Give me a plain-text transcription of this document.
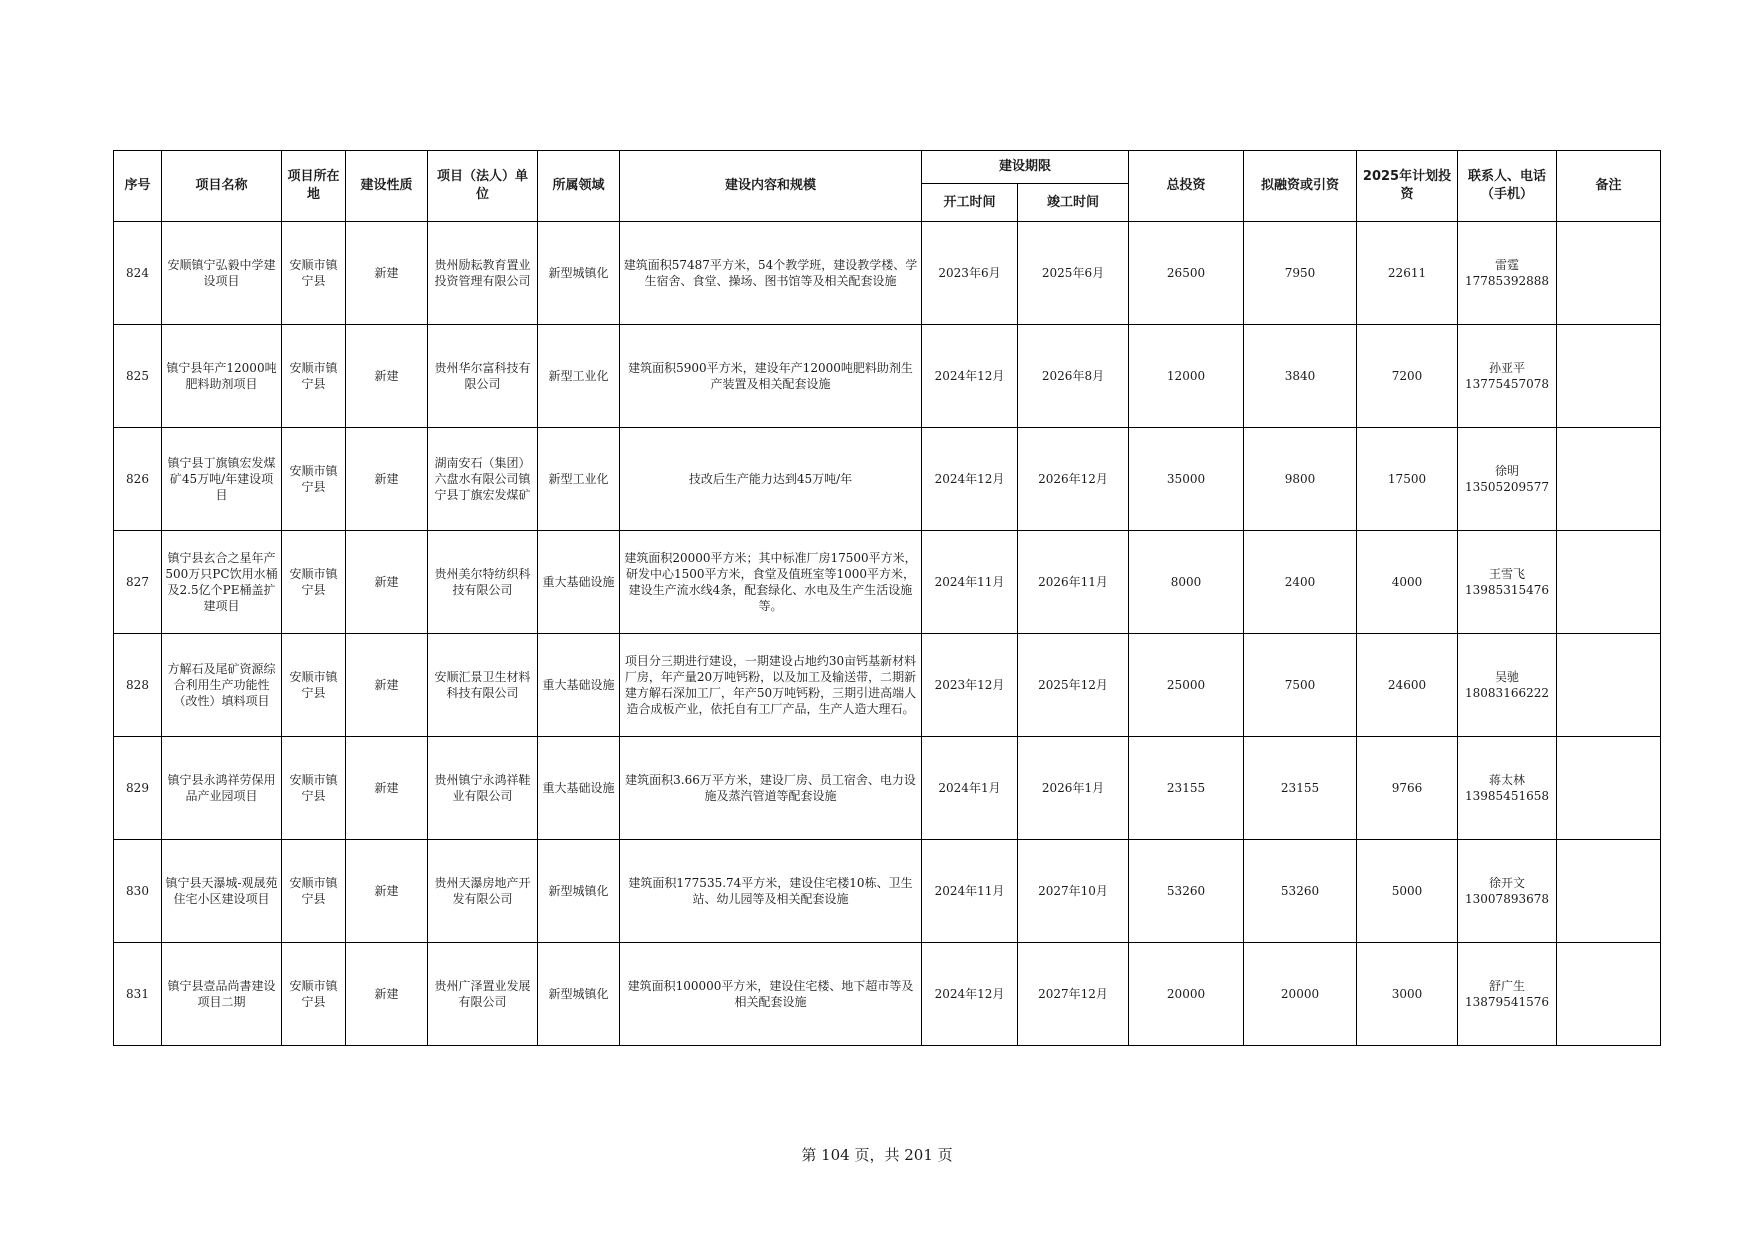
序号	项目名称	项目所在地	建设性质	项目（法人）单位	所属领域	建设内容和规模	建设期限		总投资	拟融资或引资	2025年计划投资	联系人、电话（手机）	备注
							开工时间	竣工时间					
824	安顺镇宁弘毅中学建设项目	安顺市镇宁县	新建	贵州励耘教育置业投资管理有限公司	新型城镇化	建筑面积57487平方米，54个教学班，建设教学楼、学生宿舍、食堂、操场、图书馆等及相关配套设施	2023年6月	2025年6月	26500	7950	22611	雷霆
17785392888	

825	镇宁县年产12000吨肥料助剂项目	安顺市镇宁县	新建	贵州华尔富科技有限公司	新型工业化	建筑面积5900平方米，建设年产12000吨肥料助剂生产装置及相关配套设施	2024年12月	2026年8月	12000	3840	7200	孙亚平
13775457078	

826	镇宁县丁旗镇宏发煤矿45万吨/年建设项目	安顺市镇宁县	新建	湖南安石（集团）六盘水有限公司镇宁县丁旗宏发煤矿	新型工业化	技改后生产能力达到45万吨/年	2024年12月	2026年12月	35000	9800	17500	徐明
13505209577	

827	镇宁县玄合之星年产500万只PC饮用水桶及2.5亿个PE桶盖扩建项目	安顺市镇宁县	新建	贵州美尔特纺织科技有限公司	重大基础设施	建筑面积20000平方米；其中标准厂房17500平方米，研发中心1500平方米，食堂及值班室等1000平方米，建设生产流水线4条，配套绿化、水电及生产生活设施等。	2024年11月	2026年11月	8000	2400	4000	王雪飞
13985315476	

828	方解石及尾矿资源综合利用生产功能性（改性）填料项目	安顺市镇宁县	新建	安顺汇景卫生材料科技有限公司	重大基础设施	项目分三期进行建设，一期建设占地约30亩钙基新材料厂房，年产量20万吨钙粉，以及加工及输送带，二期新建方解石深加工厂，年产50万吨钙粉，三期引进高端人造合成板产业，依托自有工厂产品，生产人造大理石。	2023年12月	2025年12月	25000	7500	24600	吴驰
18083166222	

829	镇宁县永鸿祥劳保用品产业园项目	安顺市镇宁县	新建	贵州镇宁永鸿祥鞋业有限公司	重大基础设施	建筑面积3.66万平方米，建设厂房、员工宿舍、电力设施及蒸汽管道等配套设施	2024年1月	2026年1月	23155	23155	9766	蒋太林
13985451658	

830	镇宁县天瀑城-观晟苑住宅小区建设项目	安顺市镇宁县	新建	贵州天瀑房地产开发有限公司	新型城镇化	建筑面积177535.74平方米，建设住宅楼10栋、卫生站、幼儿园等及相关配套设施	2024年11月	2027年10月	53260	53260	5000	徐开文
13007893678	

831	镇宁县壹品尚書建设项目二期	安顺市镇宁县	新建	贵州广泽置业发展有限公司	新型城镇化	建筑面积100000平方米，建设住宅楼、地下超市等及相关配套设施	2024年12月	2027年12月	20000	20000	3000	舒广生
13879541576	

第 104 页，共 201 页
